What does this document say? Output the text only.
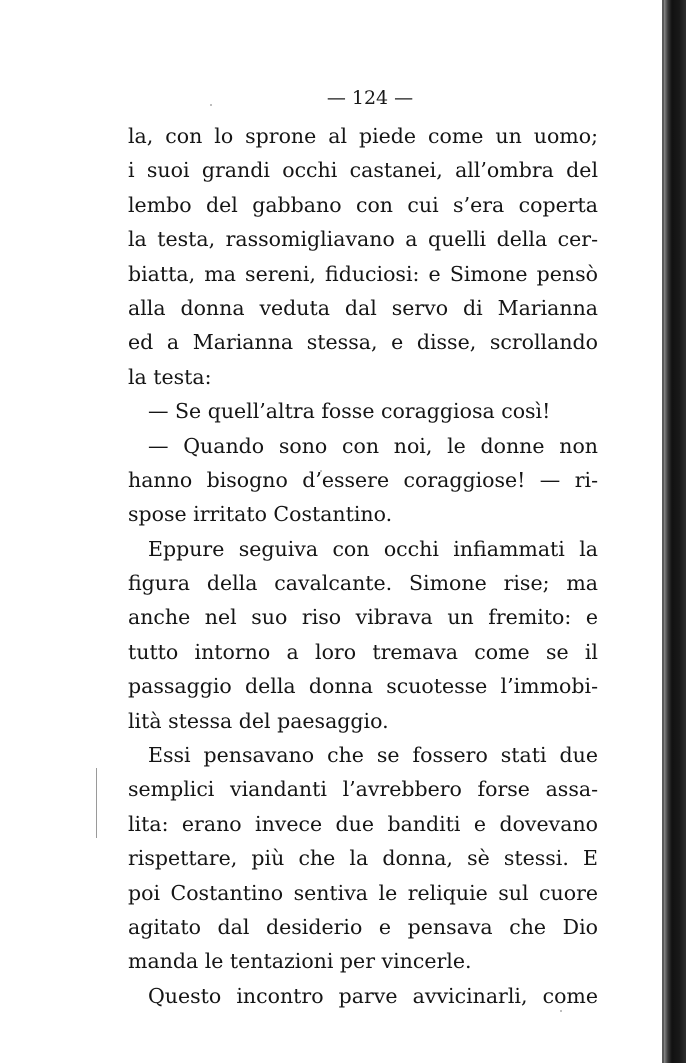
— 124 —
la, con lo sprone al piede come un uomo;
i suoi grandi occhi castanei, all’ombra del
lembo del gabbano con cui s’era coperta
la testa, rassomigliavano a quelli della cer-
biatta, ma sereni, fiduciosi: e Simone pensò
alla donna veduta dal servo di Marianna
ed a Marianna stessa, e disse, scrollando
la testa:
— Se quell’altra fosse coraggiosa così!
— Quando sono con noi, le donne non
hanno bisogno d’essere coraggiose! — ri-
spose irritato Costantino.
Eppure seguiva con occhi infiammati la
figura della cavalcante. Simone rise; ma
anche nel suo riso vibrava un fremito: e
tutto intorno a loro tremava come se il
passaggio della donna scuotesse l’immobi-
lità stessa del paesaggio.
Essi pensavano che se fossero stati due
semplici viandanti l’avrebbero forse assa-
lita: erano invece due banditi e dovevano
rispettare, più che la donna, sè stessi. E
poi Costantino sentiva le reliquie sul cuore
agitato dal desiderio e pensava che Dio
manda le tentazioni per vincerle.
Questo incontro parve avvicinarli, come
